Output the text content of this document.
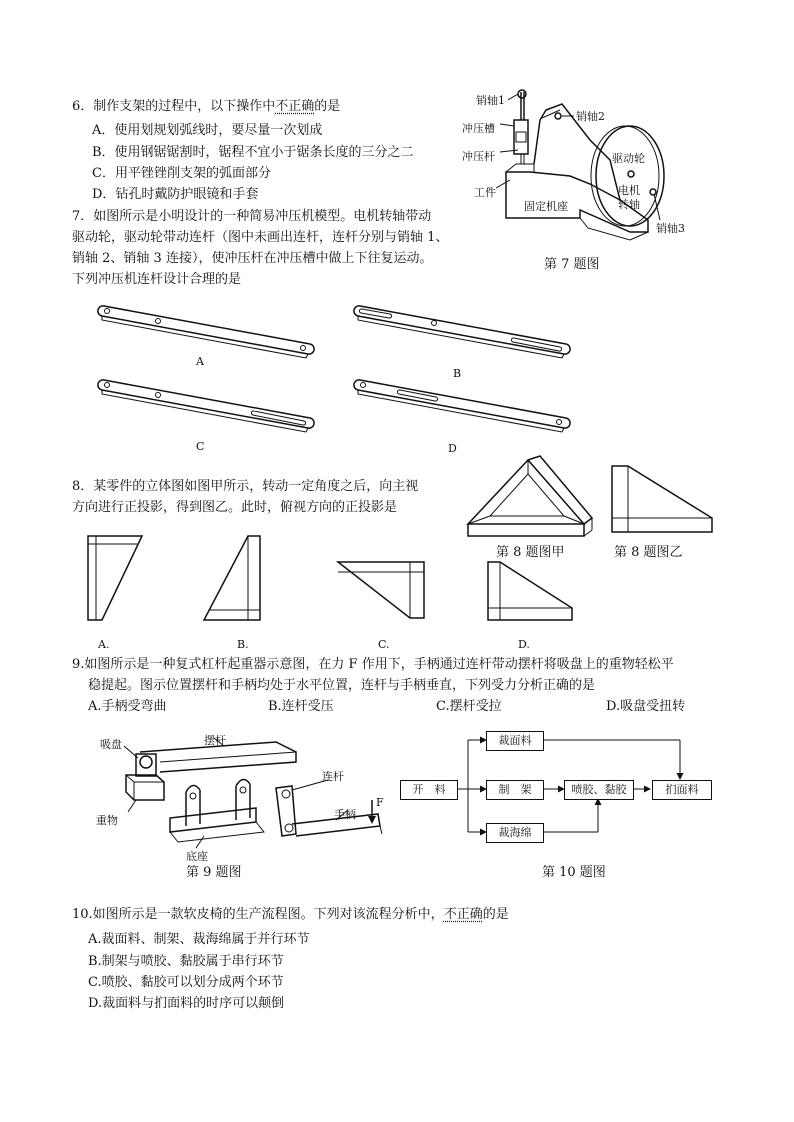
6．制作支架的过程中，以下操作中不正确的是
A．使用划规划弧线时，要尽量一次划成
B．使用钢锯锯割时，锯程不宜小于锯条长度的三分之二
C．用平锉锉削支架的弧面部分
D．钻孔时戴防护眼镜和手套
7．如图所示是小明设计的一种简易冲压机模型。电机转轴带动
驱动轮，驱动轮带动连杆（图中未画出连杆，连杆分别与销轴 1、
销轴 2、销轴 3 连接），使冲压杆在冲压槽中做上下往复运动。
下列冲压机连杆设计合理的是
销轴1
销轴2
冲压槽
冲压杆	驱动轮
电机
转轴
工件
固定机座
销轴3
第 7 题图
A
B
C	D
8．某零件的立体图如图甲所示，转动一定角度之后，向主视
方向进行正投影，得到图乙。此时，俯视方向的正投影是
第 8 题图甲	第 8 题图乙
A.	B.	C.	D.
9.如图所示是一种复式杠杆起重器示意图，在力 F 作用下，手柄通过连杆带动摆杆将吸盘上的重物轻松平
稳提起。图示位置摆杆和手柄均处于水平位置，连杆与手柄垂直，下列受力分析正确的是
A.手柄受弯曲	B.连杆受压	C.摆杆受拉	D.吸盘受扭转
吸盘	摆杆
连杆
F
手柄
重物
底座
第 9 题图
开　料
裁面料
制　架
裁海绵
喷胶、黏胶	扪面料
第 10 题图
10.如图所示是一款软皮椅的生产流程图。下列对该流程分析中，不正确的是
A.裁面料、制架、裁海绵属于并行环节
B.制架与喷胶、黏胶属于串行环节
C.喷胶、黏胶可以划分成两个环节
D.裁面料与扪面料的时序可以颠倒
